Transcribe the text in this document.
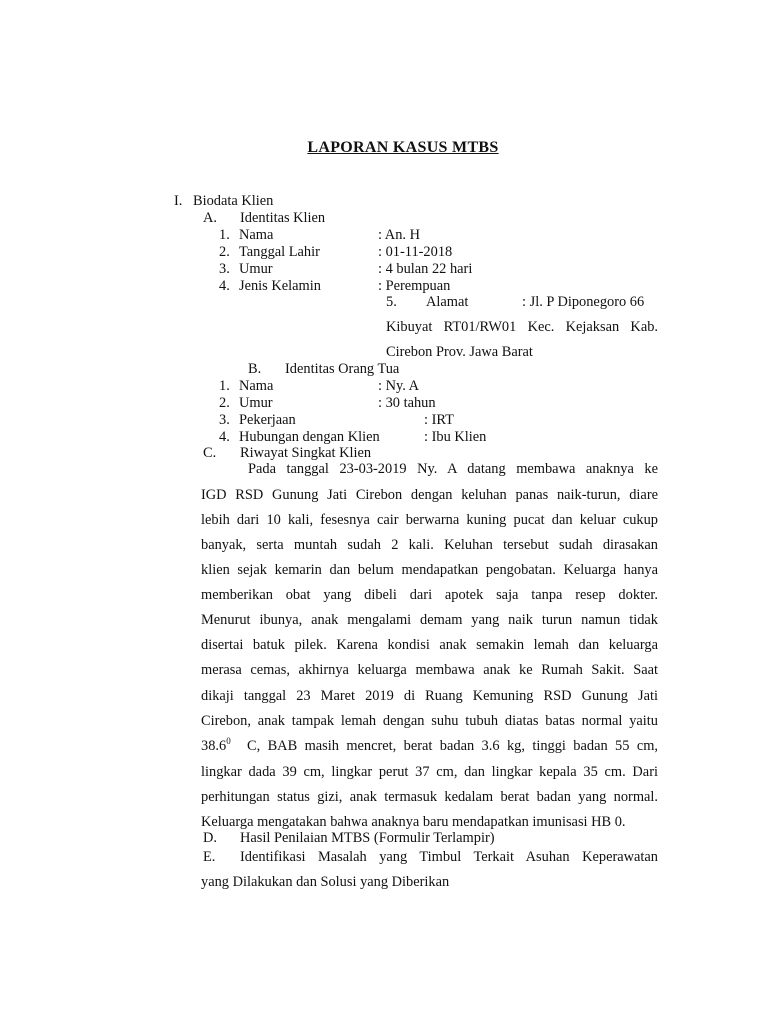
LAPORAN KASUS MTBS
I. Biodata Klien
A. Identitas Klien
1. Nama	: An. H
2. Tanggal Lahir	: 01-11-2018
3. Umur	: 4 bulan 22 hari
4. Jenis Kelamin	: Perempuan
5. Alamat	: Jl. P Diponegoro 66
Kibuyat RT01/RW01 Kec. Kejaksan Kab.
Cirebon Prov. Jawa Barat
B. Identitas Orang Tua
1. Nama	: Ny. A
2. Umur	: 30 tahun
3. Pekerjaan	: IRT
4. Hubungan dengan Klien	: Ibu Klien
C. Riwayat Singkat Klien
Pada tanggal 23-03-2019 Ny. A datang membawa anaknya ke
IGD RSD Gunung Jati Cirebon dengan keluhan panas naik-turun, diare
lebih dari 10 kali, fesesnya cair berwarna kuning pucat dan keluar cukup
banyak, serta muntah sudah 2 kali. Keluhan tersebut sudah dirasakan
klien sejak kemarin dan belum mendapatkan pengobatan. Keluarga hanya
memberikan obat yang dibeli dari apotek saja tanpa resep dokter.
Menurut ibunya, anak mengalami demam yang naik turun namun tidak
disertai batuk pilek. Karena kondisi anak semakin lemah dan keluarga
merasa cemas, akhirnya keluarga membawa anak ke Rumah Sakit. Saat
dikaji tanggal 23 Maret 2019 di Ruang Kemuning RSD Gunung Jati
Cirebon, anak tampak lemah dengan suhu tubuh diatas batas normal yaitu
38.6$^0$ C, BAB masih mencret, berat badan 3.6 kg, tinggi badan 55 cm,
lingkar dada 39 cm, lingkar perut 37 cm, dan lingkar kepala 35 cm. Dari
perhitungan status gizi, anak termasuk kedalam berat badan yang normal.
Keluarga mengatakan bahwa anaknya baru mendapatkan imunisasi HB 0.
D. Hasil Penilaian MTBS (Formulir Terlampir)
E. Identifikasi Masalah yang Timbul Terkait Asuhan Keperawatan
yang Dilakukan dan Solusi yang Diberikan
